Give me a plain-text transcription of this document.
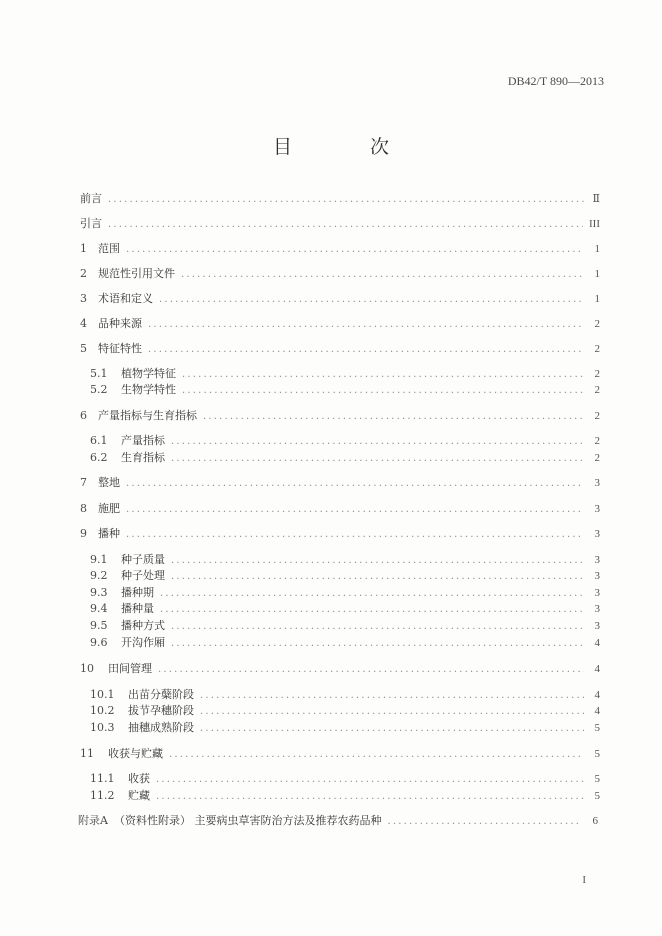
DB42/T 890—2013
目 次
前言 .....	Ⅱ
引言 .....	III
1	范围 .....	1
2	规范性引用文件 .....	1
3	术语和定义 .....	1
4	品种来源 .....	2
5	特征特性 .....	2
5.1	植物学特征 .....	2
5.2	生物学特性 .....	2
6	产量指标与生育指标 .....	2
6.1	产量指标 .....	2
6.2	生育指标 .....	2
7	整地 .....	3
8	施肥 .....	3
9	播种 .....	3
9.1	种子质量 .....	3
9.2	种子处理 .....	3
9.3	播种期 .....	3
9.4	播种量 .....	3
9.5	播种方式 .....	3
9.6	开沟作厢 .....	4
10	田间管理 .....	4
10.1	出苗分蘖阶段 .....	4
10.2	拔节孕穗阶段 .....	4
10.3	抽穗成熟阶段 .....	5
11	收获与贮藏 .....	5
11.1	收获 .....	5
11.2	贮藏 .....	5
附录A （资料性附录） 主要病虫草害防治方法及推荐农药品种 .....	6
I
